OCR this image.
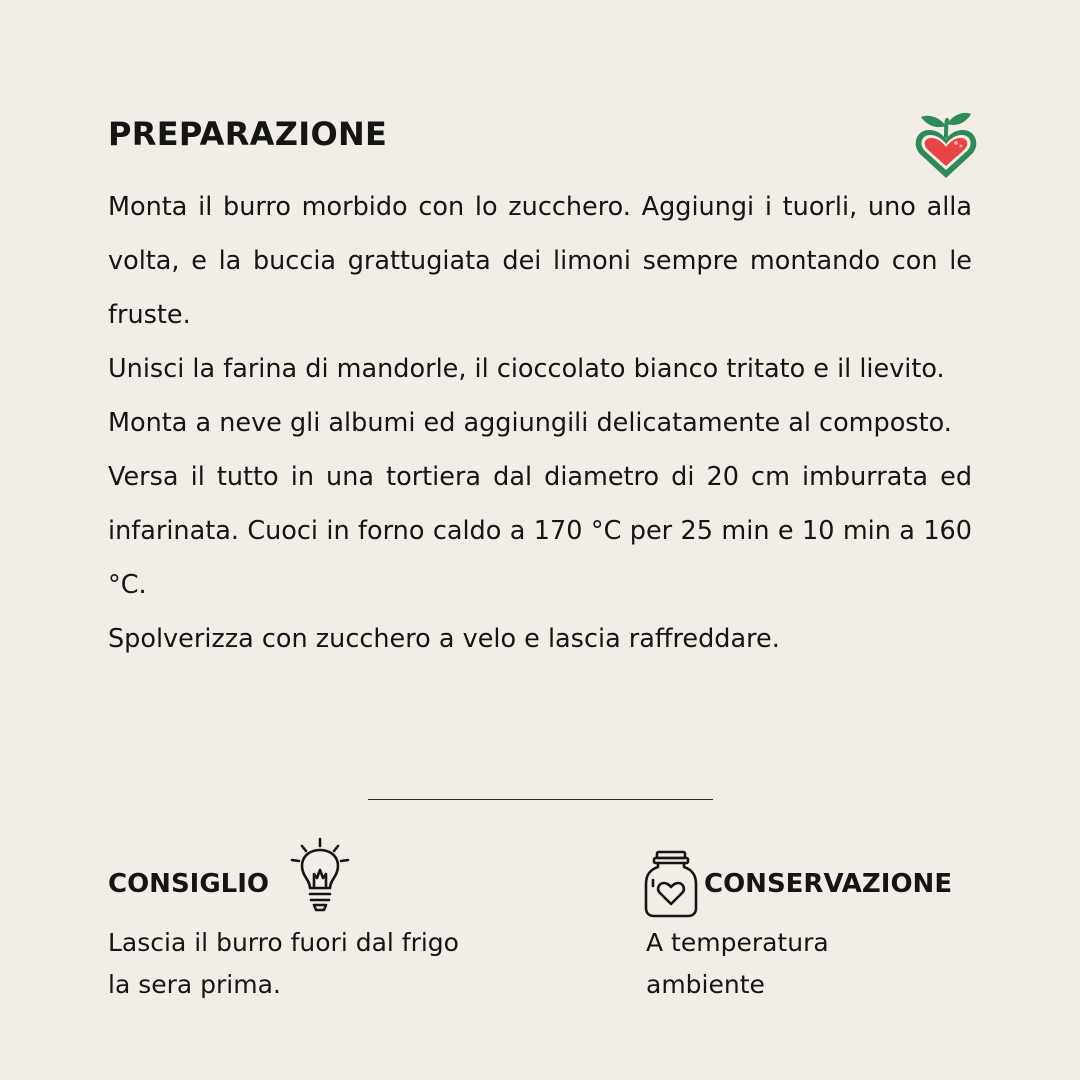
PREPARAZIONE

Monta il burro morbido con lo zucchero. Aggiungi i tuorli, uno alla volta, e la buccia grattugiata dei limoni sempre montando con le fruste.

Unisci la farina di mandorle, il cioccolato bianco tritato e il lievito.

Monta a neve gli albumi ed aggiungili delicatamente al composto.

Versa il tutto in una tortiera dal diametro di 20 cm imburrata ed infarinata. Cuoci in forno caldo a 170 °C per 25 min e 10 min a 160 °C.

Spolverizza con zucchero a velo e lascia raffreddare.

CONSIGLIO

Lascia il burro fuori dal frigo
la sera prima.

CONSERVAZIONE

A temperatura
ambiente
